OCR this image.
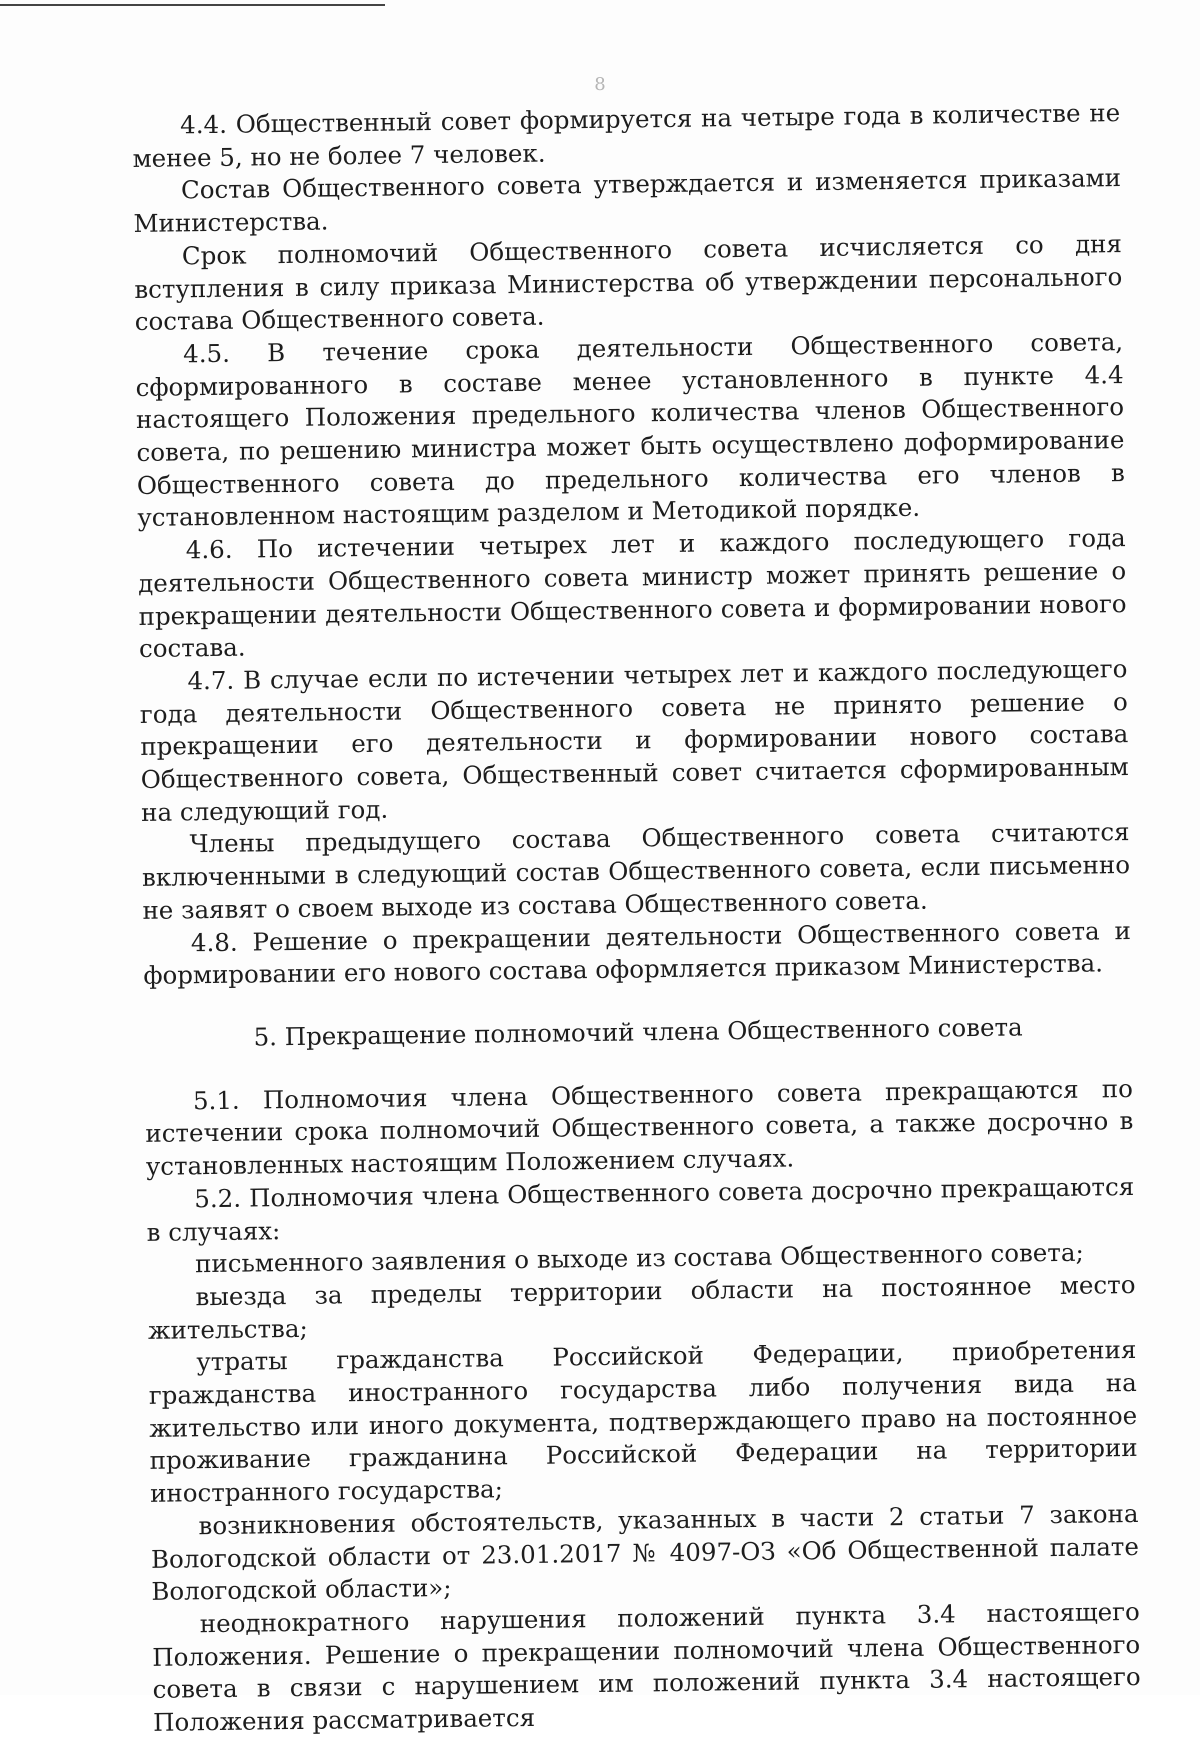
8

4.4. Общественный совет формируется на четыре года в количестве не менее 5, но не более 7 человек.

Состав Общественного совета утверждается и изменяется приказами Министерства.

Срок полномочий Общественного совета исчисляется со дня вступления в силу приказа Министерства об утверждении персонального состава Общественного совета.

4.5. В течение срока деятельности Общественного совета, сформированного в составе менее установленного в пункте 4.4 настоящего Положения предельного количества членов Общественного совета, по решению министра может быть осуществлено доформирование Общественного совета до предельного количества его членов в установленном настоящим разделом и Методикой порядке.

4.6. По истечении четырех лет и каждого последующего года деятельности Общественного совета министр может принять решение о прекращении деятельности Общественного совета и формировании нового состава.

4.7. В случае если по истечении четырех лет и каждого последующего года деятельности Общественного совета не принято решение о прекращении его деятельности и формировании нового состава Общественного совета, Общественный совет считается сформированным на следующий год.

Члены предыдущего состава Общественного совета считаются включенными в следующий состав Общественного совета, если письменно не заявят о своем выходе из состава Общественного совета.

4.8. Решение о прекращении деятельности Общественного совета и формировании его нового состава оформляется приказом Министерства.

5. Прекращение полномочий члена Общественного совета

5.1. Полномочия члена Общественного совета прекращаются по истечении срока полномочий Общественного совета, а также досрочно в установленных настоящим Положением случаях.

5.2. Полномочия члена Общественного совета досрочно прекращаются в случаях:

письменного заявления о выходе из состава Общественного совета;

выезда за пределы территории области на постоянное место жительства;

утраты гражданства Российской Федерации, приобретения гражданства иностранного государства либо получения вида на жительство или иного документа, подтверждающего право на постоянное проживание гражданина Российской Федерации на территории иностранного государства;

возникновения обстоятельств, указанных в части 2 статьи 7 закона Вологодской области от 23.01.2017 № 4097-ОЗ «Об Общественной палате Вологодской области»;

неоднократного нарушения положений пункта 3.4 настоящего Положения. Решение о прекращении полномочий члена Общественного совета в связи с нарушением им положений пункта 3.4 настоящего Положения рассматривается
